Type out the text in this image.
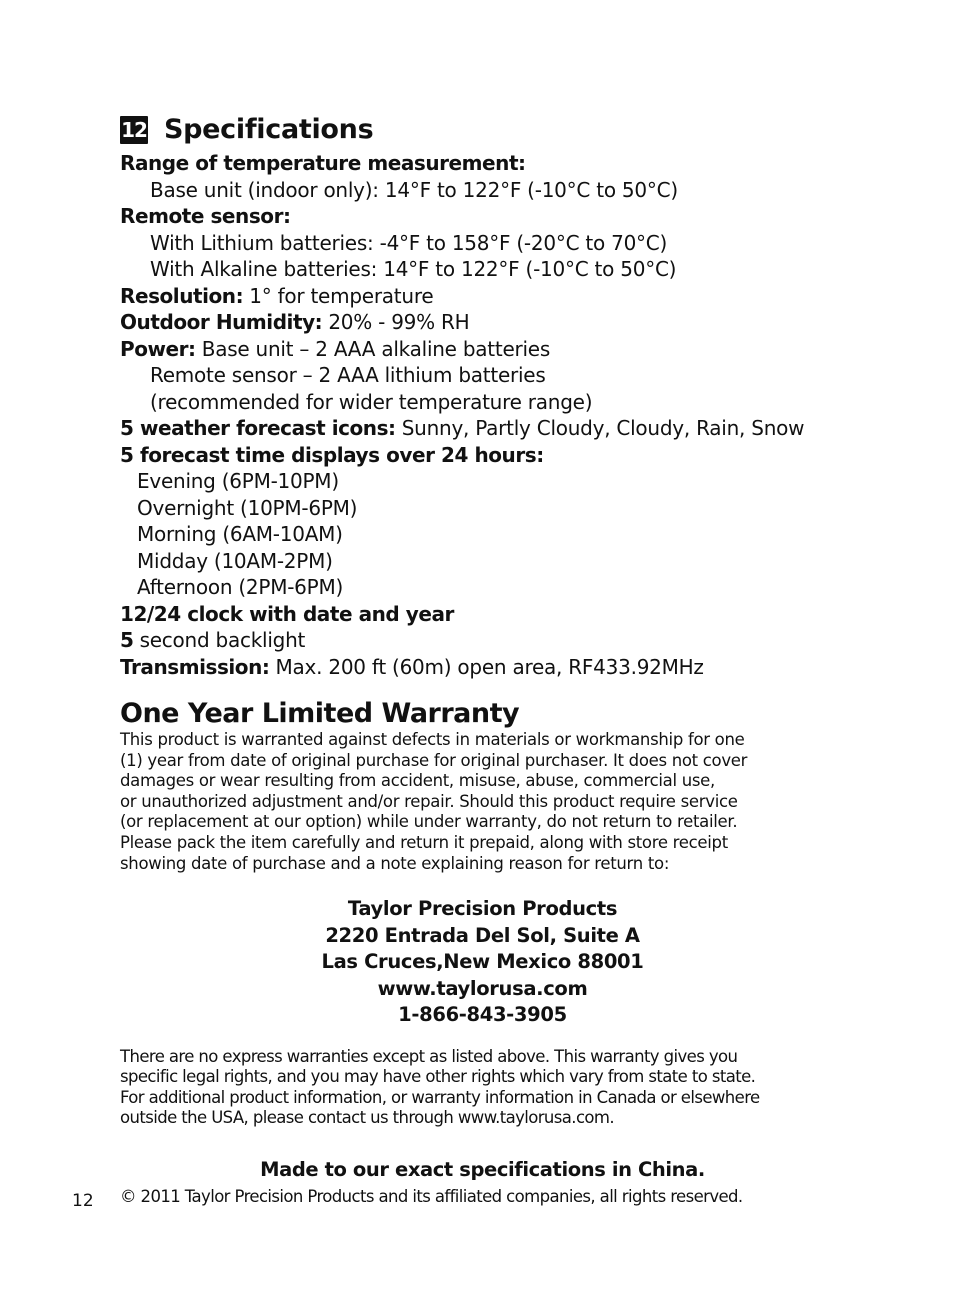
12 Specifications
Range of temperature measurement:
Base unit (indoor only): 14°F to 122°F (-10°C to 50°C)
Remote sensor:
With Lithium batteries: -4°F to 158°F (-20°C to 70°C)
With Alkaline batteries: 14°F to 122°F (-10°C to 50°C)
Resolution: 1° for temperature
Outdoor Humidity: 20% - 99% RH
Power: Base unit – 2 AAA alkaline batteries
Remote sensor – 2 AAA lithium batteries
(recommended for wider temperature range)
5 weather forecast icons: Sunny, Partly Cloudy, Cloudy, Rain, Snow
5 forecast time displays over 24 hours:
Evening (6PM-10PM)
Overnight (10PM-6PM)
Morning (6AM-10AM)
Midday (10AM-2PM)
Afternoon (2PM-6PM)
12/24 clock with date and year
5 second backlight
Transmission: Max. 200 ft (60m) open area, RF433.92MHz
One Year Limited Warranty
This product is warranted against defects in materials or workmanship for one
(1) year from date of original purchase for original purchaser. It does not cover
damages or wear resulting from accident, misuse, abuse, commercial use,
or unauthorized adjustment and/or repair. Should this product require service
(or replacement at our option) while under warranty, do not return to retailer.
Please pack the item carefully and return it prepaid, along with store receipt
showing date of purchase and a note explaining reason for return to:
Taylor Precision Products
2220 Entrada Del Sol, Suite A
Las Cruces,New Mexico 88001
www.taylorusa.com
1-866-843-3905
There are no express warranties except as listed above. This warranty gives you
specific legal rights, and you may have other rights which vary from state to state.
For additional product information, or warranty information in Canada or elsewhere
outside the USA, please contact us through www.taylorusa.com.
Made to our exact specifications in China.
© 2011 Taylor Precision Products and its affiliated companies, all rights reserved.
12
